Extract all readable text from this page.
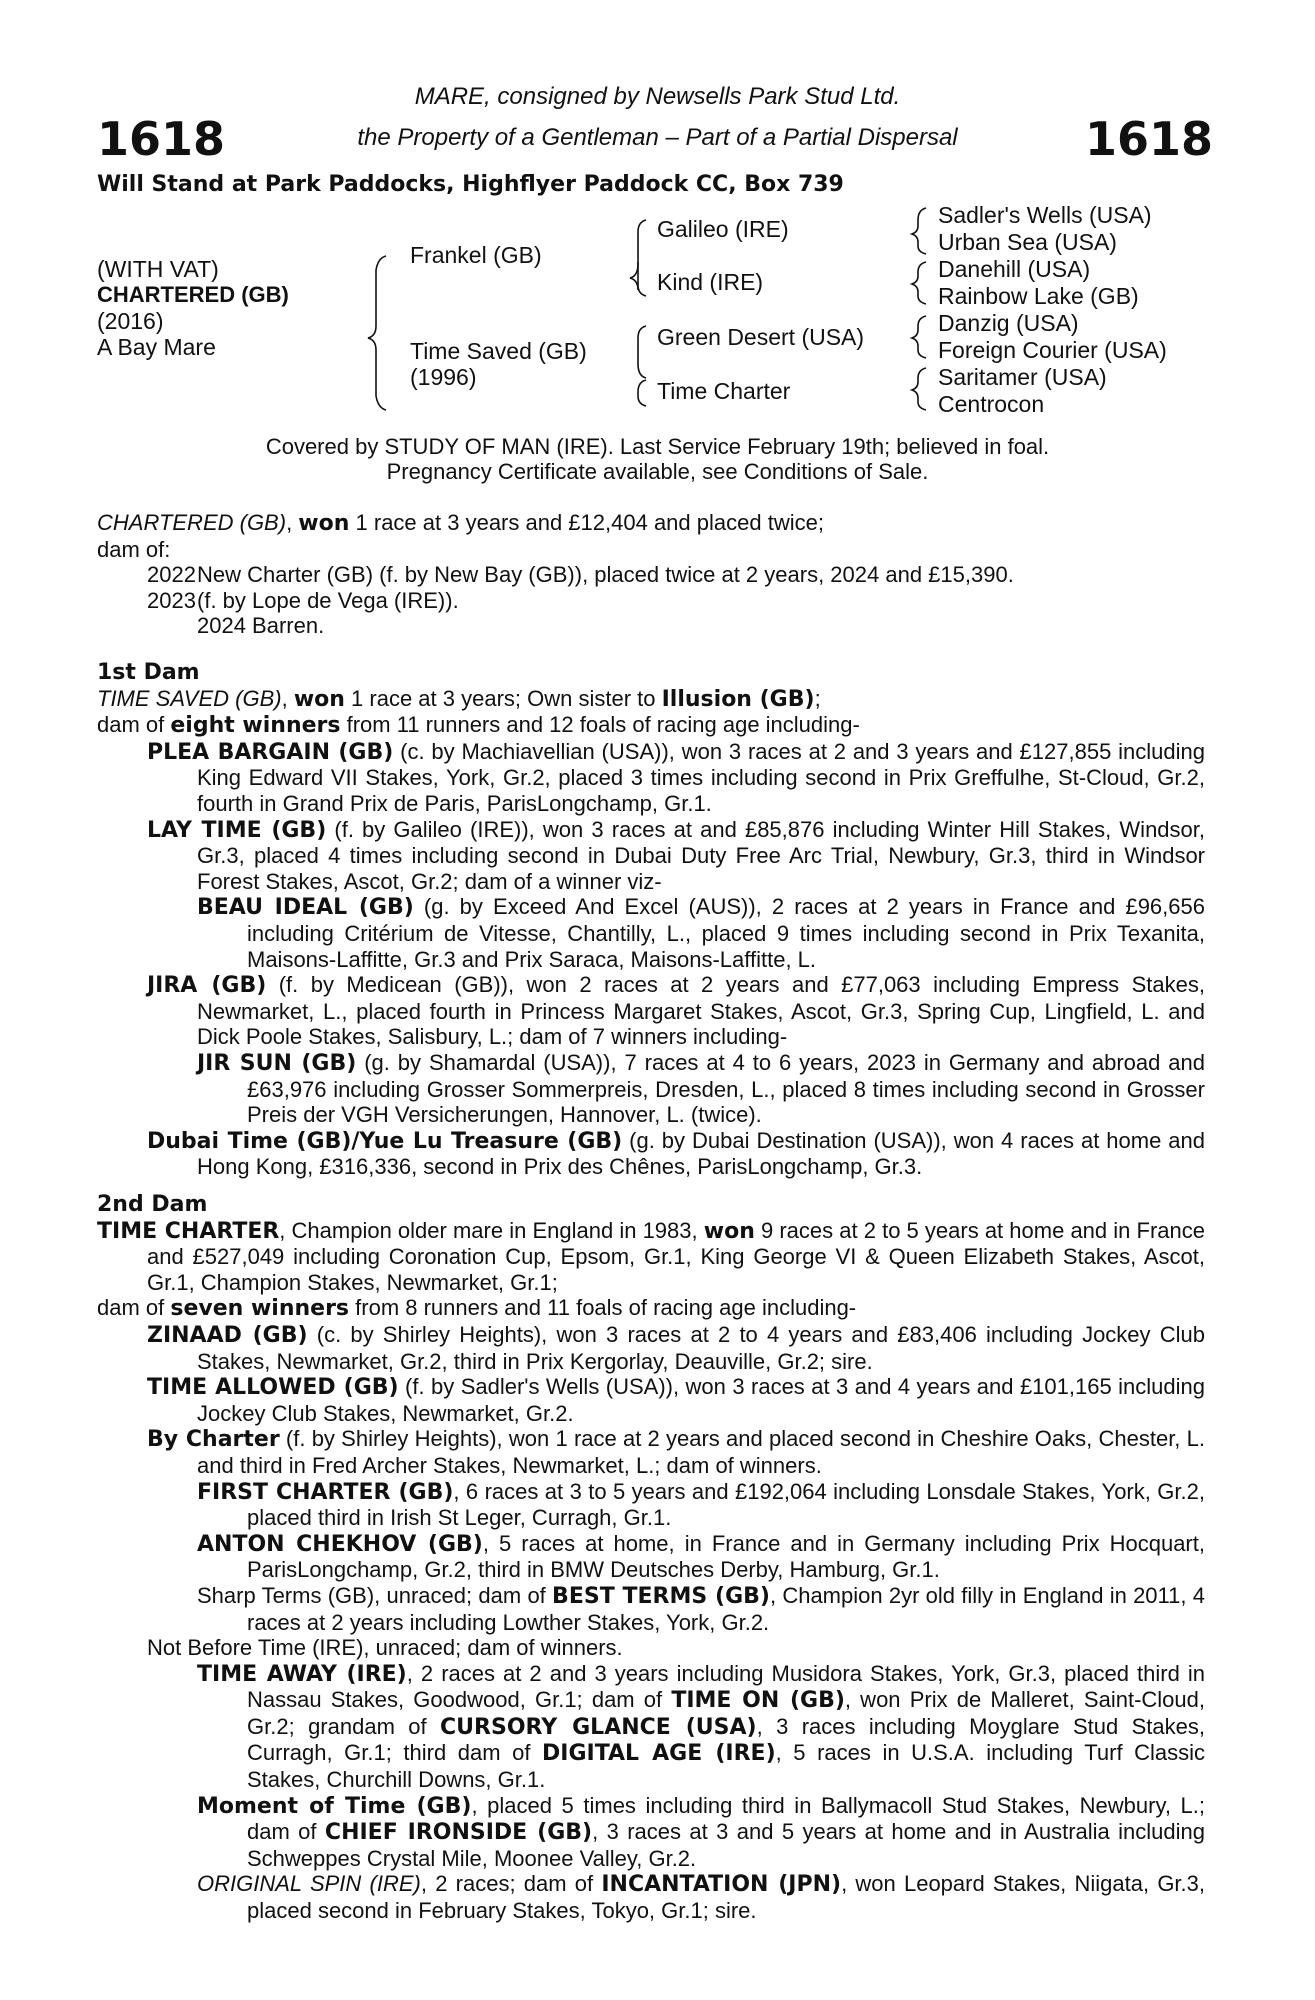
1618	1618
MARE, consigned by Newsells Park Stud Ltd.
the Property of a Gentleman – Part of a Partial Dispersal
Will Stand at Park Paddocks, Highflyer Paddock CC, Box 739
(WITH VAT)
CHARTERED (GB)
(2016)
A Bay Mare
Frankel (GB)
Time Saved (GB)
(1996)
Galileo (IRE)
Kind (IRE)
Green Desert (USA)
Time Charter
Sadler's Wells (USA)
Urban Sea (USA)
Danehill (USA)
Rainbow Lake (GB)
Danzig (USA)
Foreign Courier (USA)
Saritamer (USA)
Centrocon
Covered by STUDY OF MAN (IRE). Last Service February 19th; believed in foal.
Pregnancy Certificate available, see Conditions of Sale.
CHARTERED (GB), won 1 race at 3 years and £12,404 and placed twice;
dam of:
2022 New Charter (GB) (f. by New Bay (GB)), placed twice at 2 years, 2024 and £15,390.
2023 (f. by Lope de Vega (IRE)).
2024 Barren.
1st Dam
TIME SAVED (GB), won 1 race at 3 years; Own sister to Illusion (GB);
dam of eight winners from 11 runners and 12 foals of racing age including-
PLEA BARGAIN (GB) (c. by Machiavellian (USA)), won 3 races at 2 and 3 years and £127,855 including King Edward VII Stakes, York, Gr.2, placed 3 times including second in Prix Greffulhe, St-Cloud, Gr.2, fourth in Grand Prix de Paris, ParisLongchamp, Gr.1.
LAY TIME (GB) (f. by Galileo (IRE)), won 3 races at and £85,876 including Winter Hill Stakes, Windsor, Gr.3, placed 4 times including second in Dubai Duty Free Arc Trial, Newbury, Gr.3, third in Windsor Forest Stakes, Ascot, Gr.2; dam of a winner viz-
BEAU IDEAL (GB) (g. by Exceed And Excel (AUS)), 2 races at 2 years in France and £96,656 including Critérium de Vitesse, Chantilly, L., placed 9 times including second in Prix Texanita, Maisons-Laffitte, Gr.3 and Prix Saraca, Maisons-Laffitte, L.
JIRA (GB) (f. by Medicean (GB)), won 2 races at 2 years and £77,063 including Empress Stakes, Newmarket, L., placed fourth in Princess Margaret Stakes, Ascot, Gr.3, Spring Cup, Lingfield, L. and Dick Poole Stakes, Salisbury, L.; dam of 7 winners including-
JIR SUN (GB) (g. by Shamardal (USA)), 7 races at 4 to 6 years, 2023 in Germany and abroad and £63,976 including Grosser Sommerpreis, Dresden, L., placed 8 times including second in Grosser Preis der VGH Versicherungen, Hannover, L. (twice).
Dubai Time (GB)/Yue Lu Treasure (GB) (g. by Dubai Destination (USA)), won 4 races at home and Hong Kong, £316,336, second in Prix des Chênes, ParisLongchamp, Gr.3.
2nd Dam
TIME CHARTER, Champion older mare in England in 1983, won 9 races at 2 to 5 years at home and in France and £527,049 including Coronation Cup, Epsom, Gr.1, King George VI & Queen Elizabeth Stakes, Ascot, Gr.1, Champion Stakes, Newmarket, Gr.1;
dam of seven winners from 8 runners and 11 foals of racing age including-
ZINAAD (GB) (c. by Shirley Heights), won 3 races at 2 to 4 years and £83,406 including Jockey Club Stakes, Newmarket, Gr.2, third in Prix Kergorlay, Deauville, Gr.2; sire.
TIME ALLOWED (GB) (f. by Sadler's Wells (USA)), won 3 races at 3 and 4 years and £101,165 including Jockey Club Stakes, Newmarket, Gr.2.
By Charter (f. by Shirley Heights), won 1 race at 2 years and placed second in Cheshire Oaks, Chester, L. and third in Fred Archer Stakes, Newmarket, L.; dam of winners.
FIRST CHARTER (GB), 6 races at 3 to 5 years and £192,064 including Lonsdale Stakes, York, Gr.2, placed third in Irish St Leger, Curragh, Gr.1.
ANTON CHEKHOV (GB), 5 races at home, in France and in Germany including Prix Hocquart, ParisLongchamp, Gr.2, third in BMW Deutsches Derby, Hamburg, Gr.1.
Sharp Terms (GB), unraced; dam of BEST TERMS (GB), Champion 2yr old filly in England in 2011, 4 races at 2 years including Lowther Stakes, York, Gr.2.
Not Before Time (IRE), unraced; dam of winners.
TIME AWAY (IRE), 2 races at 2 and 3 years including Musidora Stakes, York, Gr.3, placed third in Nassau Stakes, Goodwood, Gr.1; dam of TIME ON (GB), won Prix de Malleret, Saint-Cloud, Gr.2; grandam of CURSORY GLANCE (USA), 3 races including Moyglare Stud Stakes, Curragh, Gr.1; third dam of DIGITAL AGE (IRE), 5 races in U.S.A. including Turf Classic Stakes, Churchill Downs, Gr.1.
Moment of Time (GB), placed 5 times including third in Ballymacoll Stud Stakes, Newbury, L.; dam of CHIEF IRONSIDE (GB), 3 races at 3 and 5 years at home and in Australia including Schweppes Crystal Mile, Moonee Valley, Gr.2.
ORIGINAL SPIN (IRE), 2 races; dam of INCANTATION (JPN), won Leopard Stakes, Niigata, Gr.3, placed second in February Stakes, Tokyo, Gr.1; sire.
